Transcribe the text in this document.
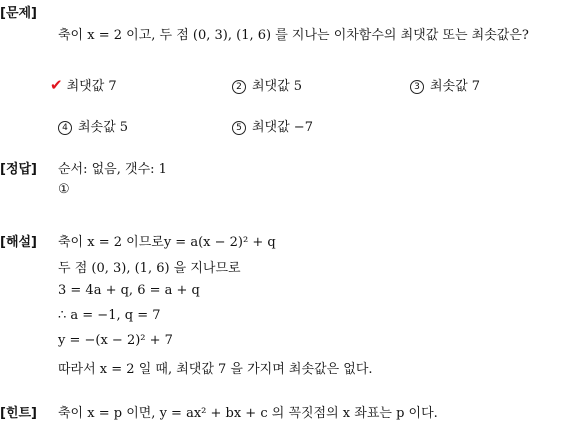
[문제]
축이 x = 2 이고, 두 점 (0, 3), (1, 6) 를 지나는 이차함수의 최댓값 또는 최솟값은?
✔ 최댓값 7	2 최댓값 5	3 최솟값 7
4 최솟값 5	5 최댓값 −7
[정답] 순서: 없음, 갯수: 1
①
[해설] 축이 x = 2 이므로y = a(x − 2)² + q
두 점 (0, 3), (1, 6) 을 지나므로
3 = 4a + q, 6 = a + q
∴ a = −1, q = 7
y = −(x − 2)² + 7
따라서 x = 2 일 때, 최댓값 7 을 가지며 최솟값은 없다.
[힌트] 축이 x = p 이면, y = ax² + bx + c 의 꼭짓점의 x 좌표는 p 이다.
